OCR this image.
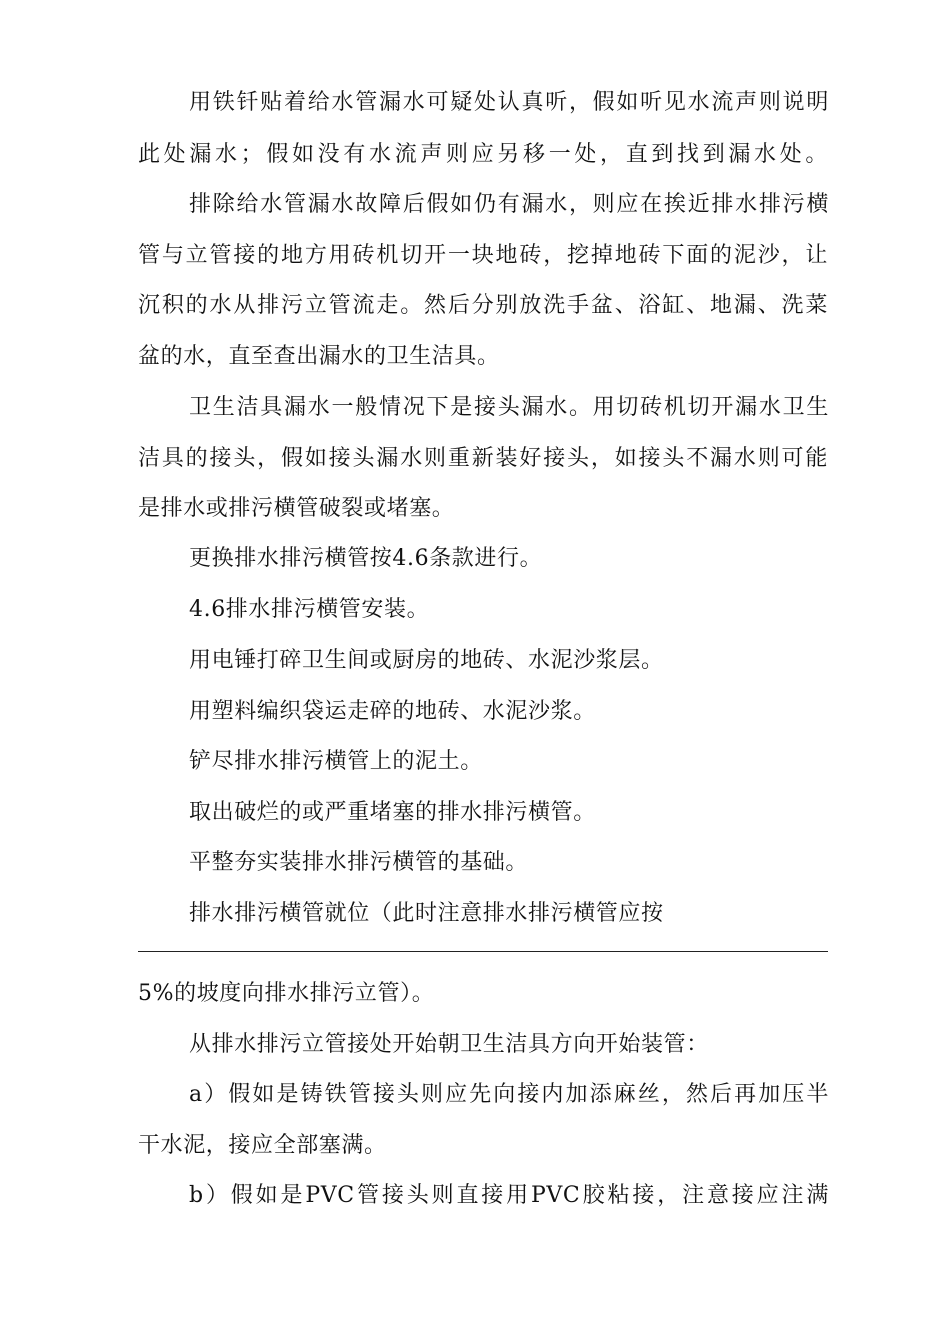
用铁钎贴着给水管漏水可疑处认真听，假如听见水流声则说明
此处漏水；假如没有水流声则应另移一处，直到找到漏水处。
排除给水管漏水故障后假如仍有漏水，则应在挨近排水排污横
管与立管接的地方用砖机切开一块地砖，挖掉地砖下面的泥沙，让
沉积的水从排污立管流走。然后分别放洗手盆、浴缸、地漏、洗菜
盆的水，直至查出漏水的卫生洁具。
卫生洁具漏水一般情况下是接头漏水。用切砖机切开漏水卫生
洁具的接头，假如接头漏水则重新装好接头，如接头不漏水则可能
是排水或排污横管破裂或堵塞。
更换排水排污横管按4.6条款进行。
4.6排水排污横管安装。
用电锤打碎卫生间或厨房的地砖、水泥沙浆层。
用塑料编织袋运走碎的地砖、水泥沙浆。
铲尽排水排污横管上的泥土。
取出破烂的或严重堵塞的排水排污横管。
平整夯实装排水排污横管的基础。
排水排污横管就位（此时注意排水排污横管应按
5%的坡度向排水排污立管）。
从排水排污立管接处开始朝卫生洁具方向开始装管：
a）假如是铸铁管接头则应先向接内加添麻丝，然后再加压半
干水泥，接应全部塞满。
b）假如是PVC管接头则直接用PVC胶粘接，注意接应注满
